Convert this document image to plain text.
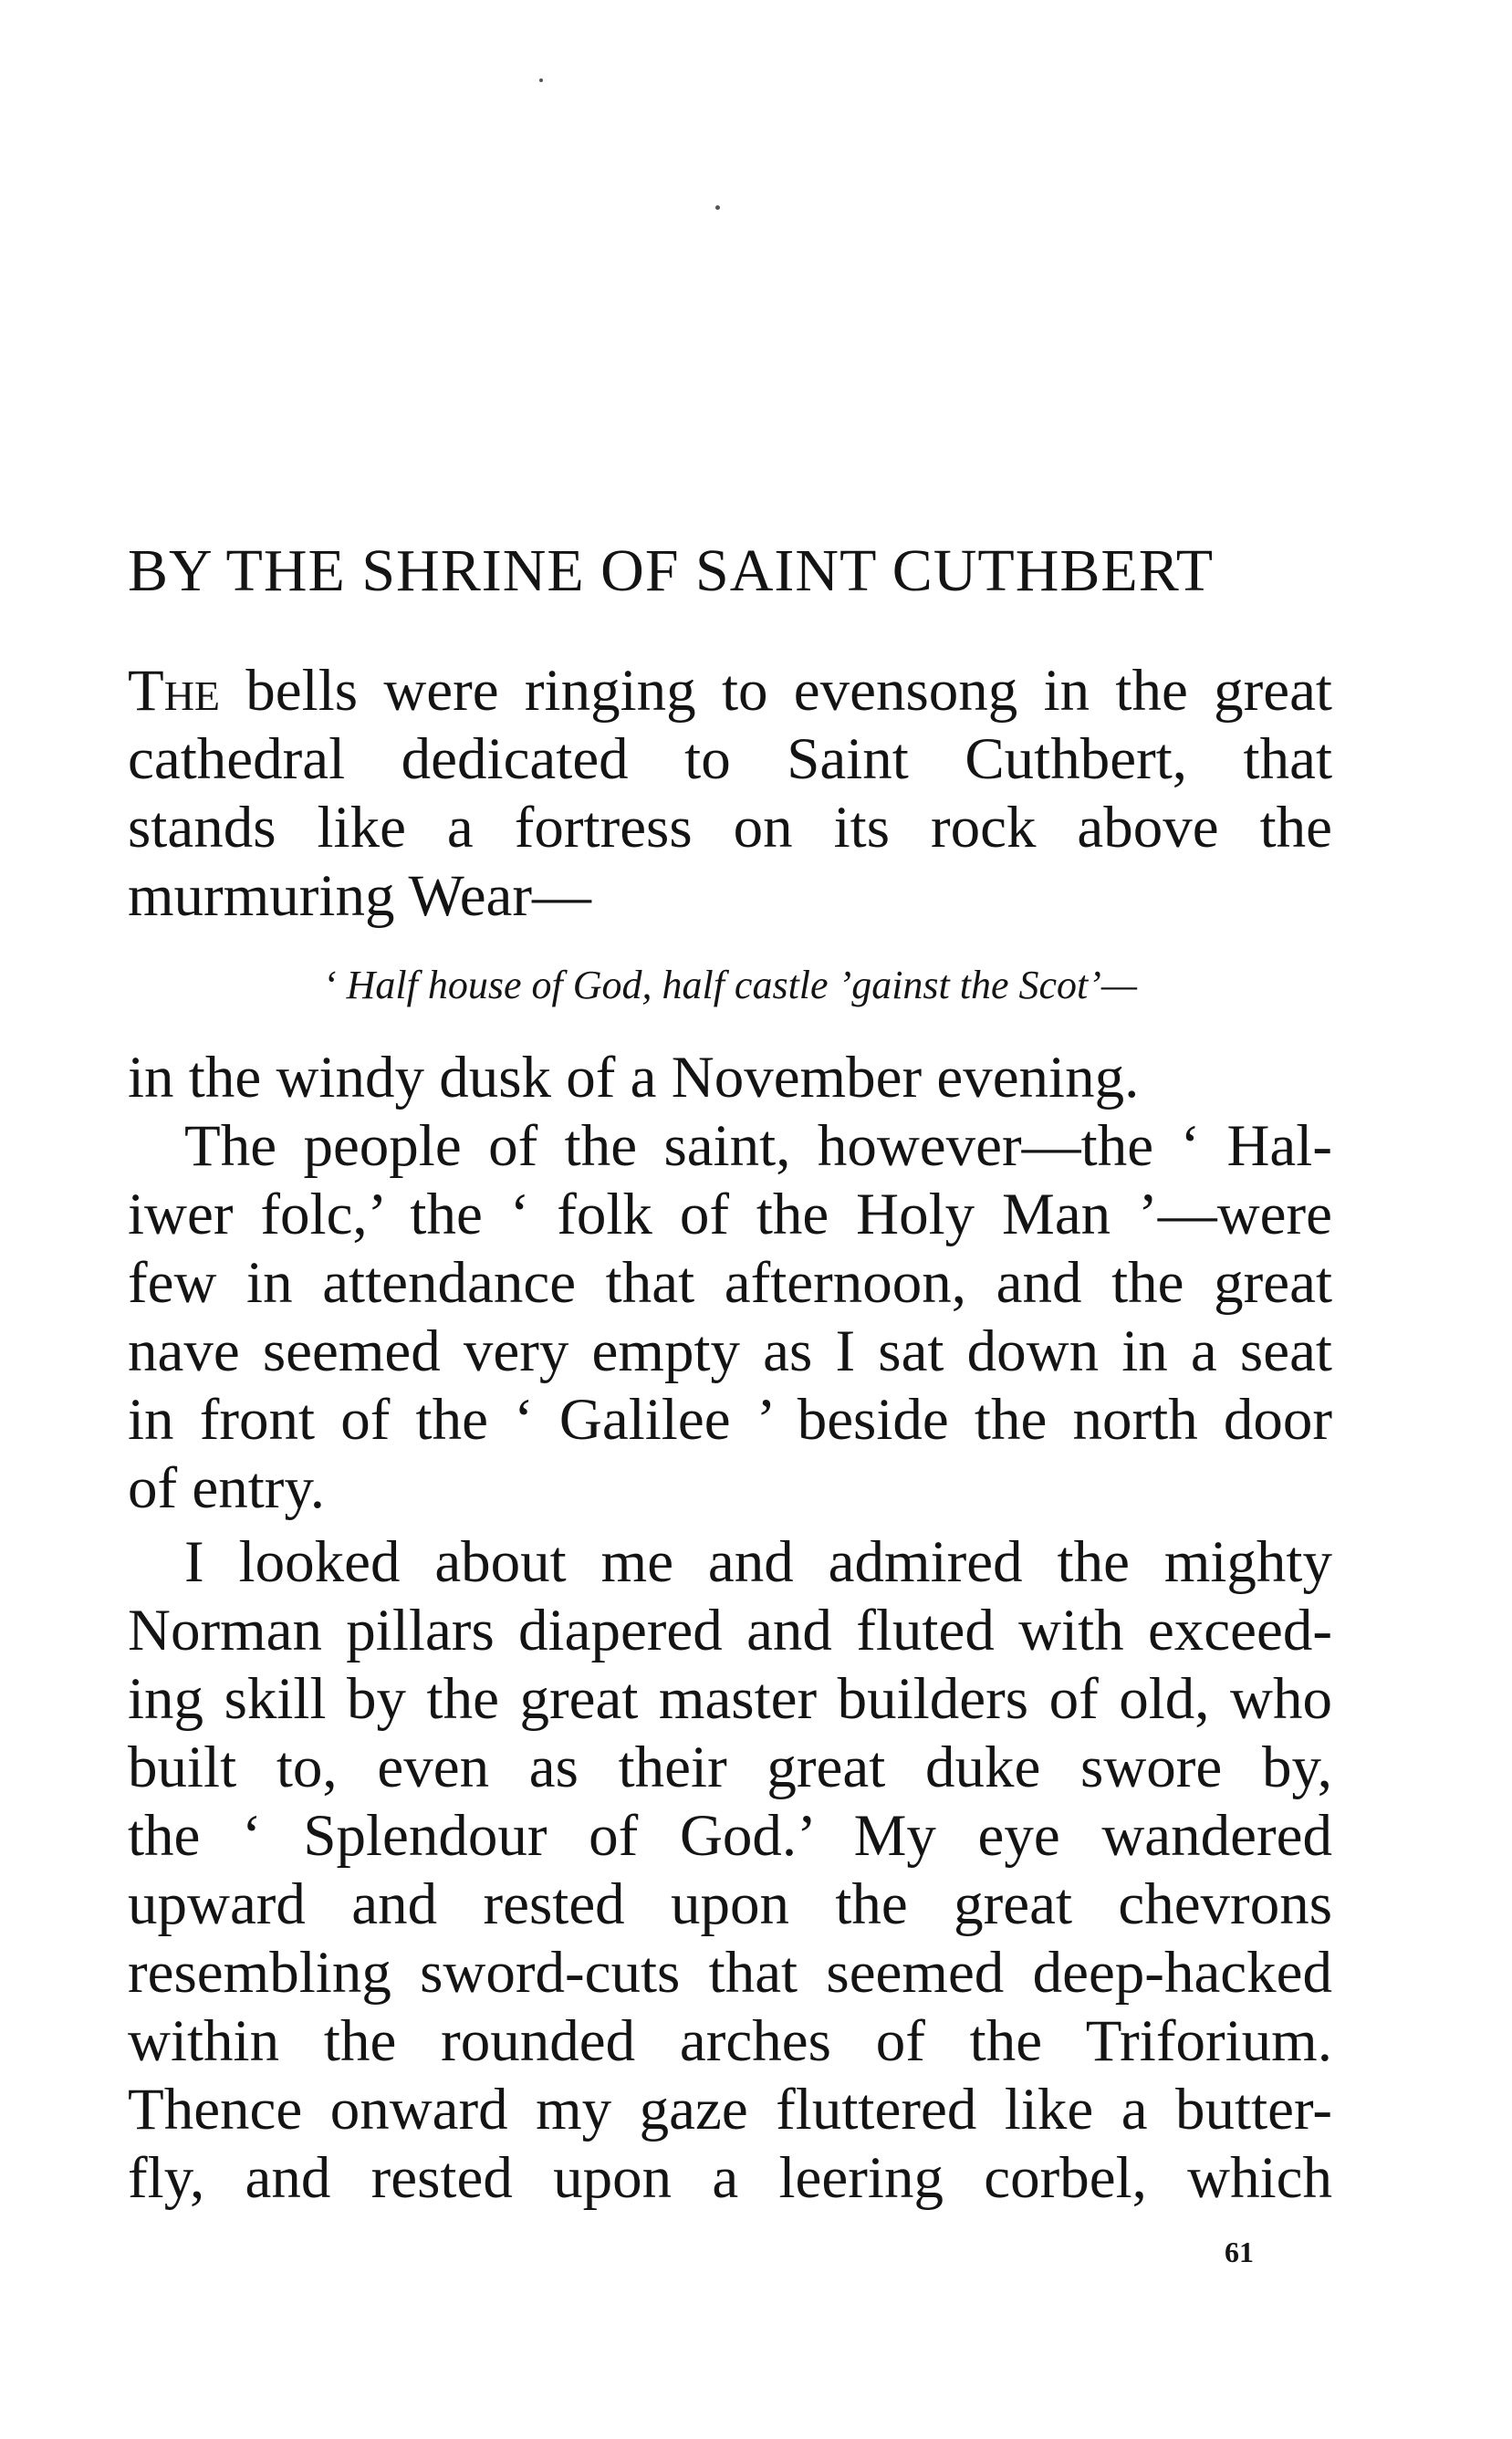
BY THE SHRINE OF SAINT CUTHBERT
The bells were ringing to evensong in the great
cathedral dedicated to Saint Cuthbert, that
stands like a fortress on its rock above the
murmuring Wear—
‘ Half house of God, half castle ’gainst the Scot’—
in the windy dusk of a November evening.
The people of the saint, however—the ‘ Hal-
iwer folc,’ the ‘ folk of the Holy Man ’—were
few in attendance that afternoon, and the great
nave seemed very empty as I sat down in a seat
in front of the ‘ Galilee ’ beside the north door
of entry.
I looked about me and admired the mighty
Norman pillars diapered and fluted with exceed-
ing skill by the great master builders of old, who
built to, even as their great duke swore by,
the ‘ Splendour of God.’ My eye wandered
upward and rested upon the great chevrons
resembling sword-cuts that seemed deep-hacked
within the rounded arches of the Triforium.
Thence onward my gaze fluttered like a butter-
fly, and rested upon a leering corbel, which
61
